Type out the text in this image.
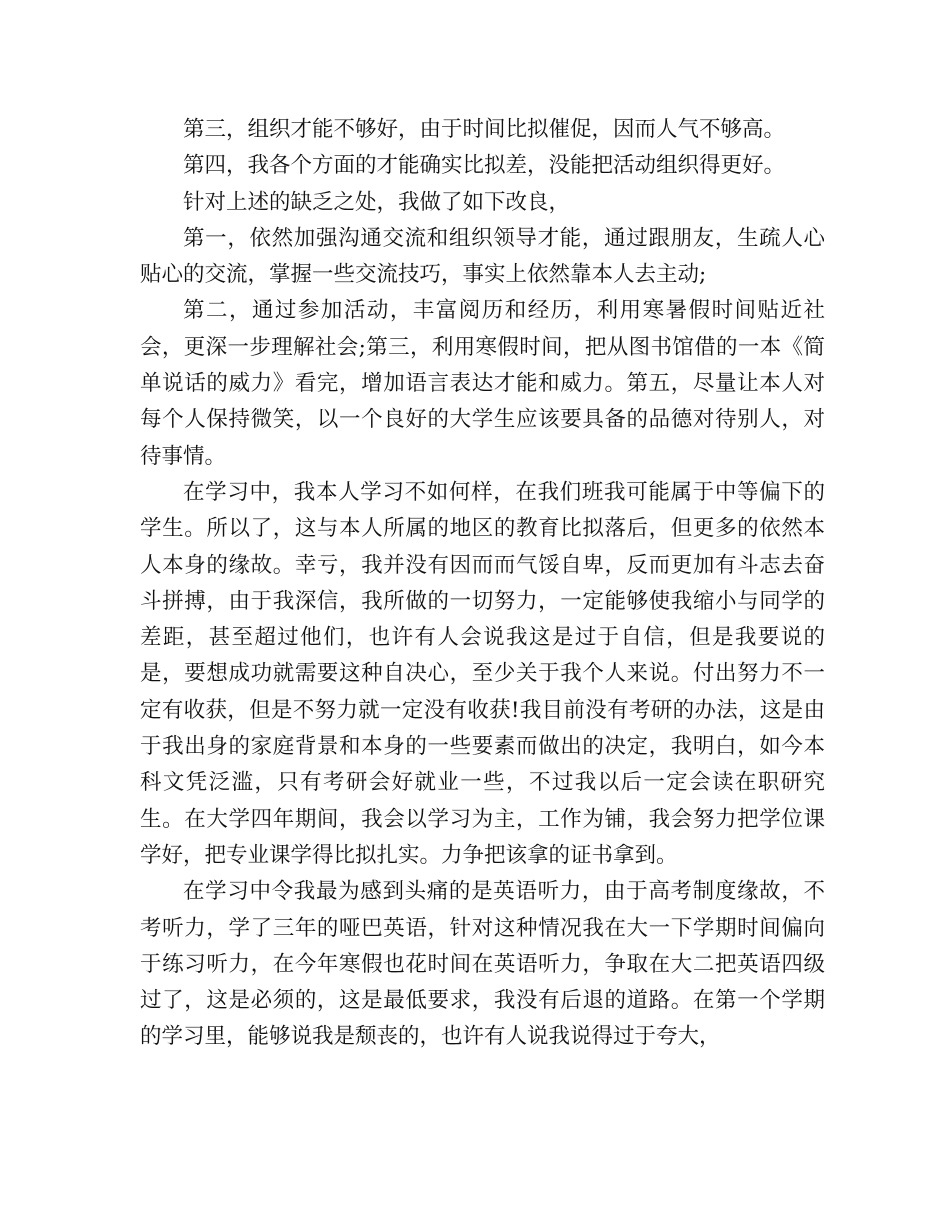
第三，组织才能不够好，由于时间比拟催促，因而人气不够高。

第四，我各个方面的才能确实比拟差，没能把活动组织得更好。

针对上述的缺乏之处，我做了如下改良，

第一，依然加强沟通交流和组织领导才能，通过跟朋友，生疏人心贴心的交流，掌握一些交流技巧，事实上依然靠本人去主动;

第二，通过参加活动，丰富阅历和经历，利用寒暑假时间贴近社会，更深一步理解社会;第三，利用寒假时间，把从图书馆借的一本《简单说话的威力》看完，增加语言表达才能和威力。第五，尽量让本人对每个人保持微笑，以一个良好的大学生应该要具备的品德对待别人，对待事情。

在学习中，我本人学习不如何样，在我们班我可能属于中等偏下的学生。所以了，这与本人所属的地区的教育比拟落后，但更多的依然本人本身的缘故。幸亏，我并没有因而而气馁自卑，反而更加有斗志去奋斗拼搏，由于我深信，我所做的一切努力，一定能够使我缩小与同学的差距，甚至超过他们，也许有人会说我这是过于自信，但是我要说的是，要想成功就需要这种自决心，至少关于我个人来说。付出努力不一定有收获，但是不努力就一定没有收获!我目前没有考研的办法，这是由于我出身的家庭背景和本身的一些要素而做出的决定，我明白，如今本科文凭泛滥，只有考研会好就业一些，不过我以后一定会读在职研究生。在大学四年期间，我会以学习为主，工作为铺，我会努力把学位课学好，把专业课学得比拟扎实。力争把该拿的证书拿到。

在学习中令我最为感到头痛的是英语听力，由于高考制度缘故，不考听力，学了三年的哑巴英语，针对这种情况我在大一下学期时间偏向于练习听力，在今年寒假也花时间在英语听力，争取在大二把英语四级过了，这是必须的，这是最低要求，我没有后退的道路。在第一个学期的学习里，能够说我是颓丧的，也许有人说我说得过于夸大，
